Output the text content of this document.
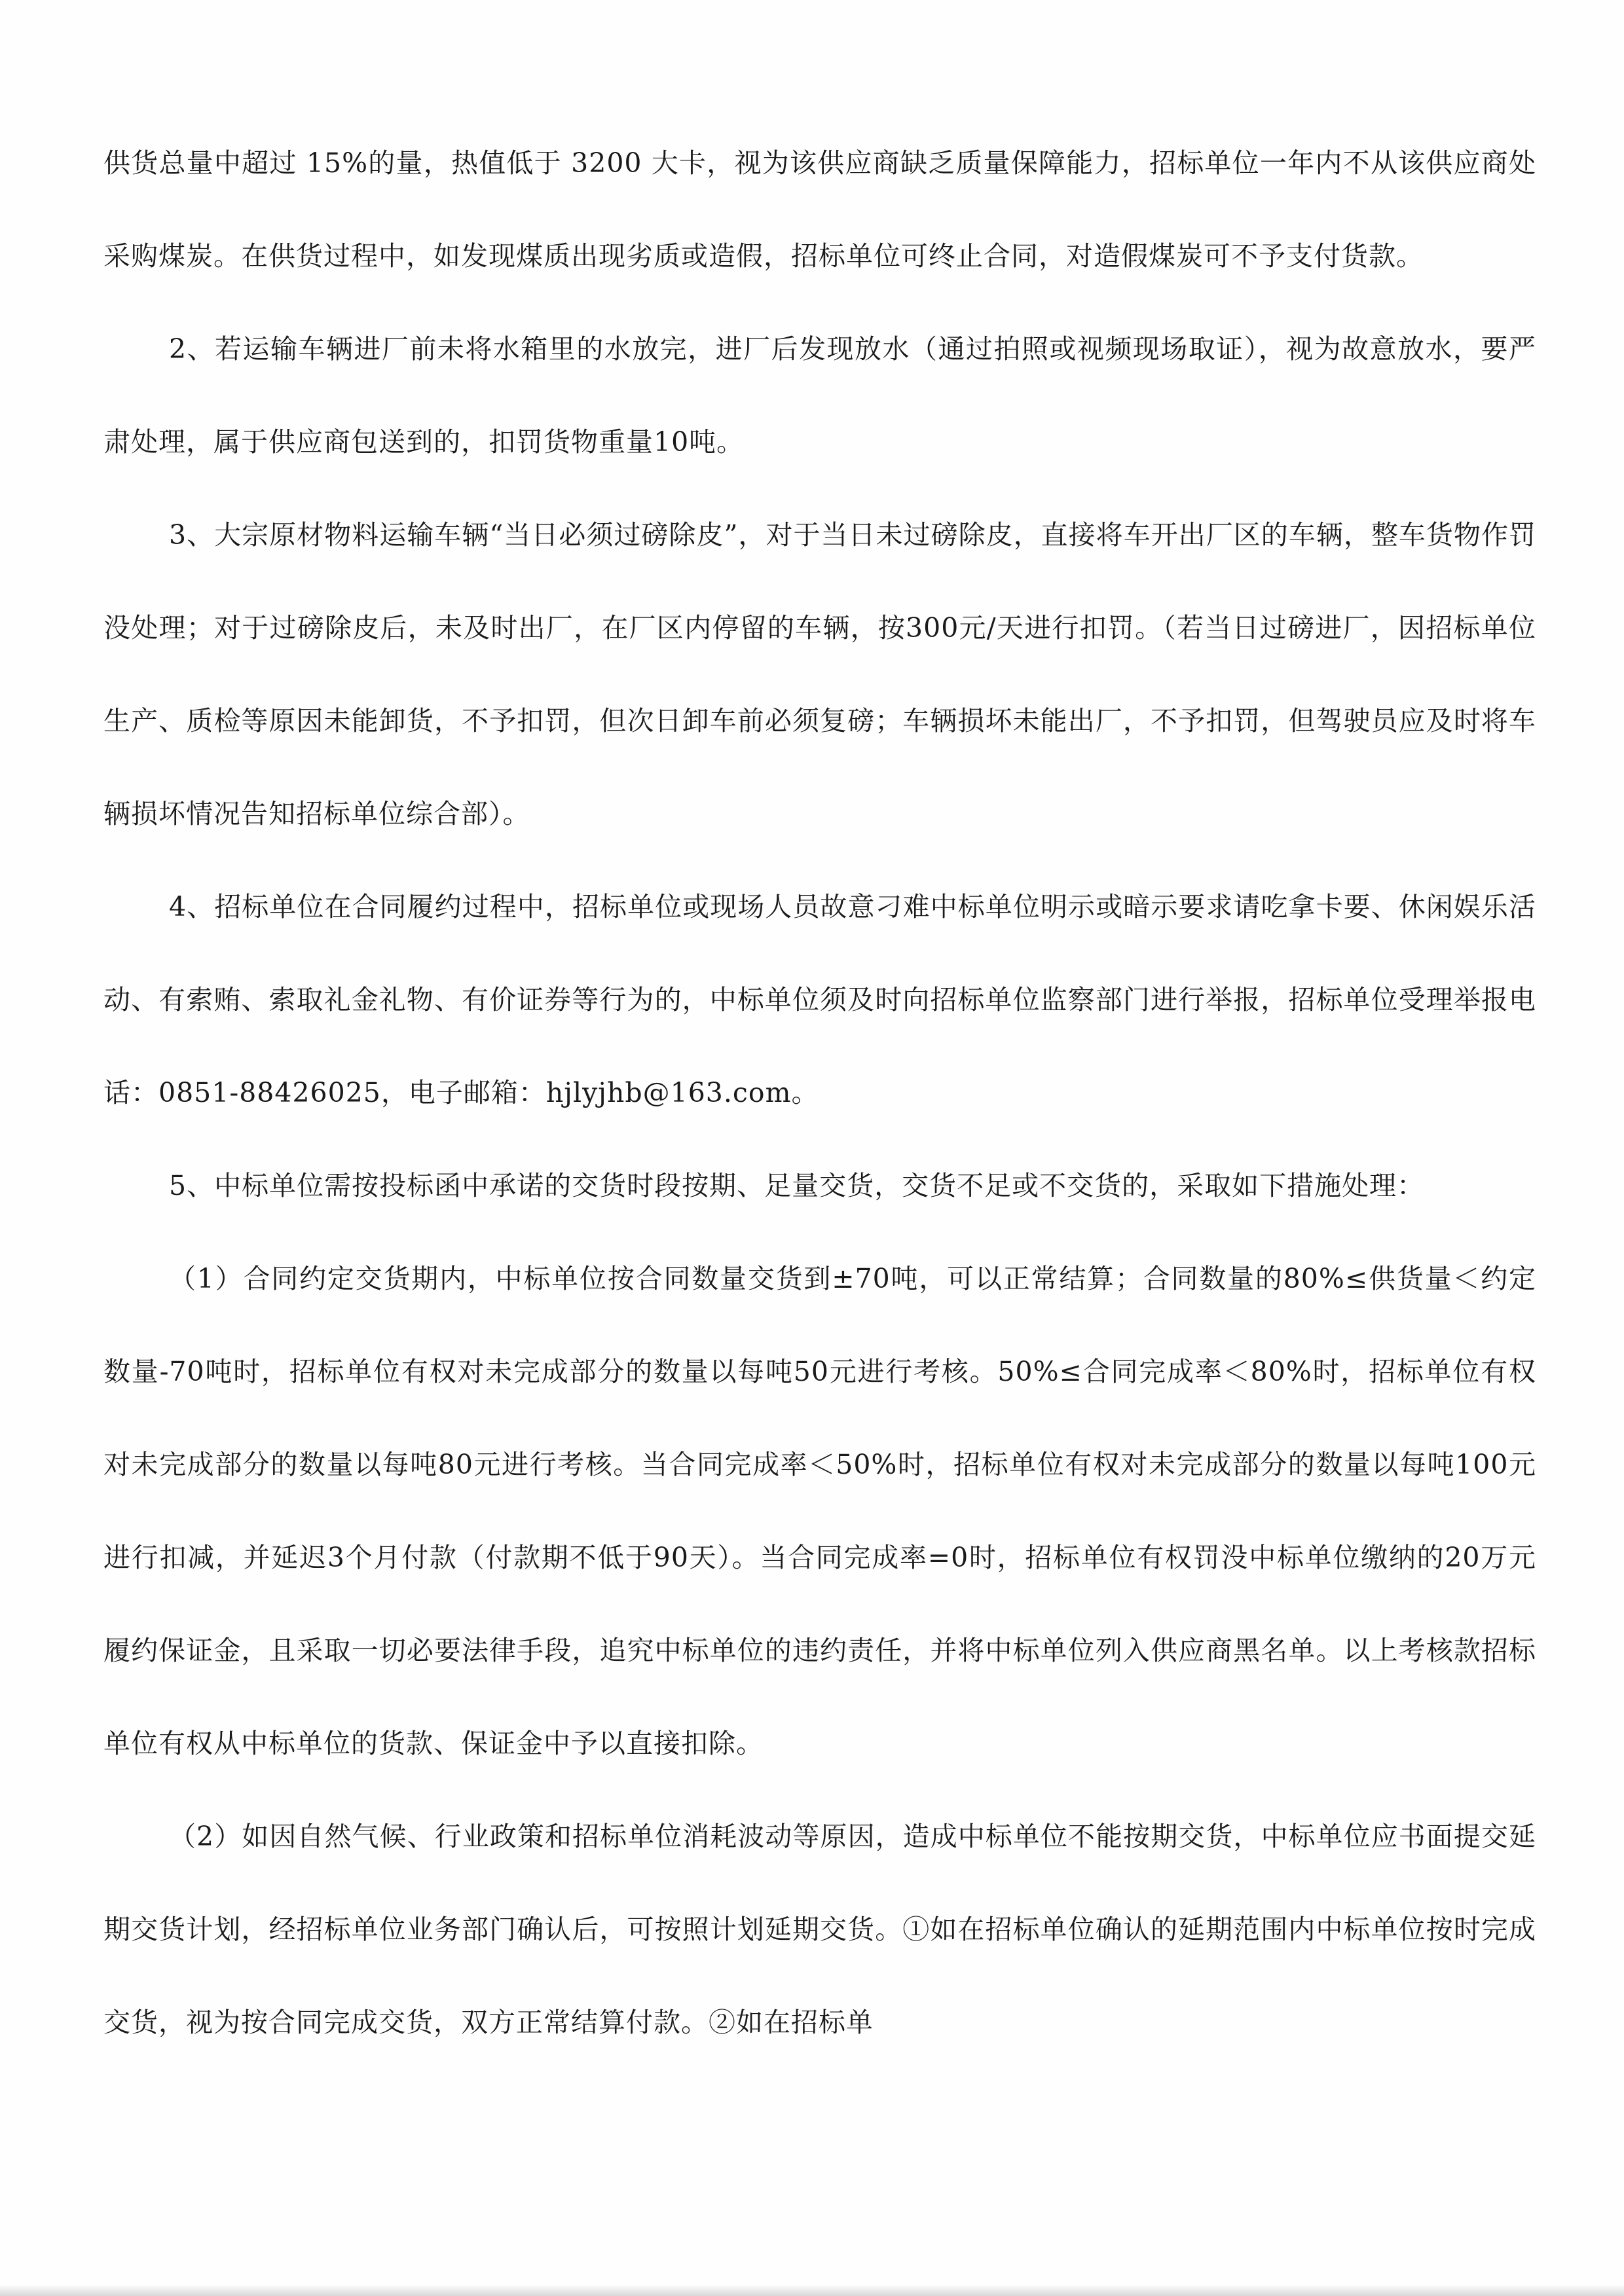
供货总量中超过 15%的量，热值低于 3200 大卡，视为该供应商缺乏质量保障能力，招标单位一年内不从该供应商处采购煤炭。在供货过程中，如发现煤质出现劣质或造假，招标单位可终止合同，对造假煤炭可不予支付货款。

2、若运输车辆进厂前未将水箱里的水放完，进厂后发现放水（通过拍照或视频现场取证），视为故意放水，要严肃处理，属于供应商包送到的，扣罚货物重量10吨。

3、大宗原材物料运输车辆“当日必须过磅除皮”，对于当日未过磅除皮，直接将车开出厂区的车辆，整车货物作罚没处理；对于过磅除皮后，未及时出厂，在厂区内停留的车辆，按300元/天进行扣罚。（若当日过磅进厂，因招标单位生产、质检等原因未能卸货，不予扣罚，但次日卸车前必须复磅；车辆损坏未能出厂，不予扣罚，但驾驶员应及时将车辆损坏情况告知招标单位综合部）。

4、招标单位在合同履约过程中，招标单位或现场人员故意刁难中标单位明示或暗示要求请吃拿卡要、休闲娱乐活动、有索贿、索取礼金礼物、有价证券等行为的，中标单位须及时向招标单位监察部门进行举报，招标单位受理举报电话：0851-88426025，电子邮箱：hjlyjhb@163.com。

5、中标单位需按投标函中承诺的交货时段按期、足量交货，交货不足或不交货的，采取如下措施处理：

（1）合同约定交货期内，中标单位按合同数量交货到±70吨，可以正常结算；合同数量的80%≤供货量＜约定数量-70吨时，招标单位有权对未完成部分的数量以每吨50元进行考核。50%≤合同完成率＜80%时，招标单位有权对未完成部分的数量以每吨80元进行考核。当合同完成率＜50%时，招标单位有权对未完成部分的数量以每吨100元进行扣减，并延迟3个月付款（付款期不低于90天）。当合同完成率=0时，招标单位有权罚没中标单位缴纳的20万元履约保证金，且采取一切必要法律手段，追究中标单位的违约责任，并将中标单位列入供应商黑名单。以上考核款招标单位有权从中标单位的货款、保证金中予以直接扣除。

（2）如因自然气候、行业政策和招标单位消耗波动等原因，造成中标单位不能按期交货，中标单位应书面提交延期交货计划，经招标单位业务部门确认后，可按照计划延期交货。①如在招标单位确认的延期范围内中标单位按时完成交货，视为按合同完成交货，双方正常结算付款。②如在招标单
